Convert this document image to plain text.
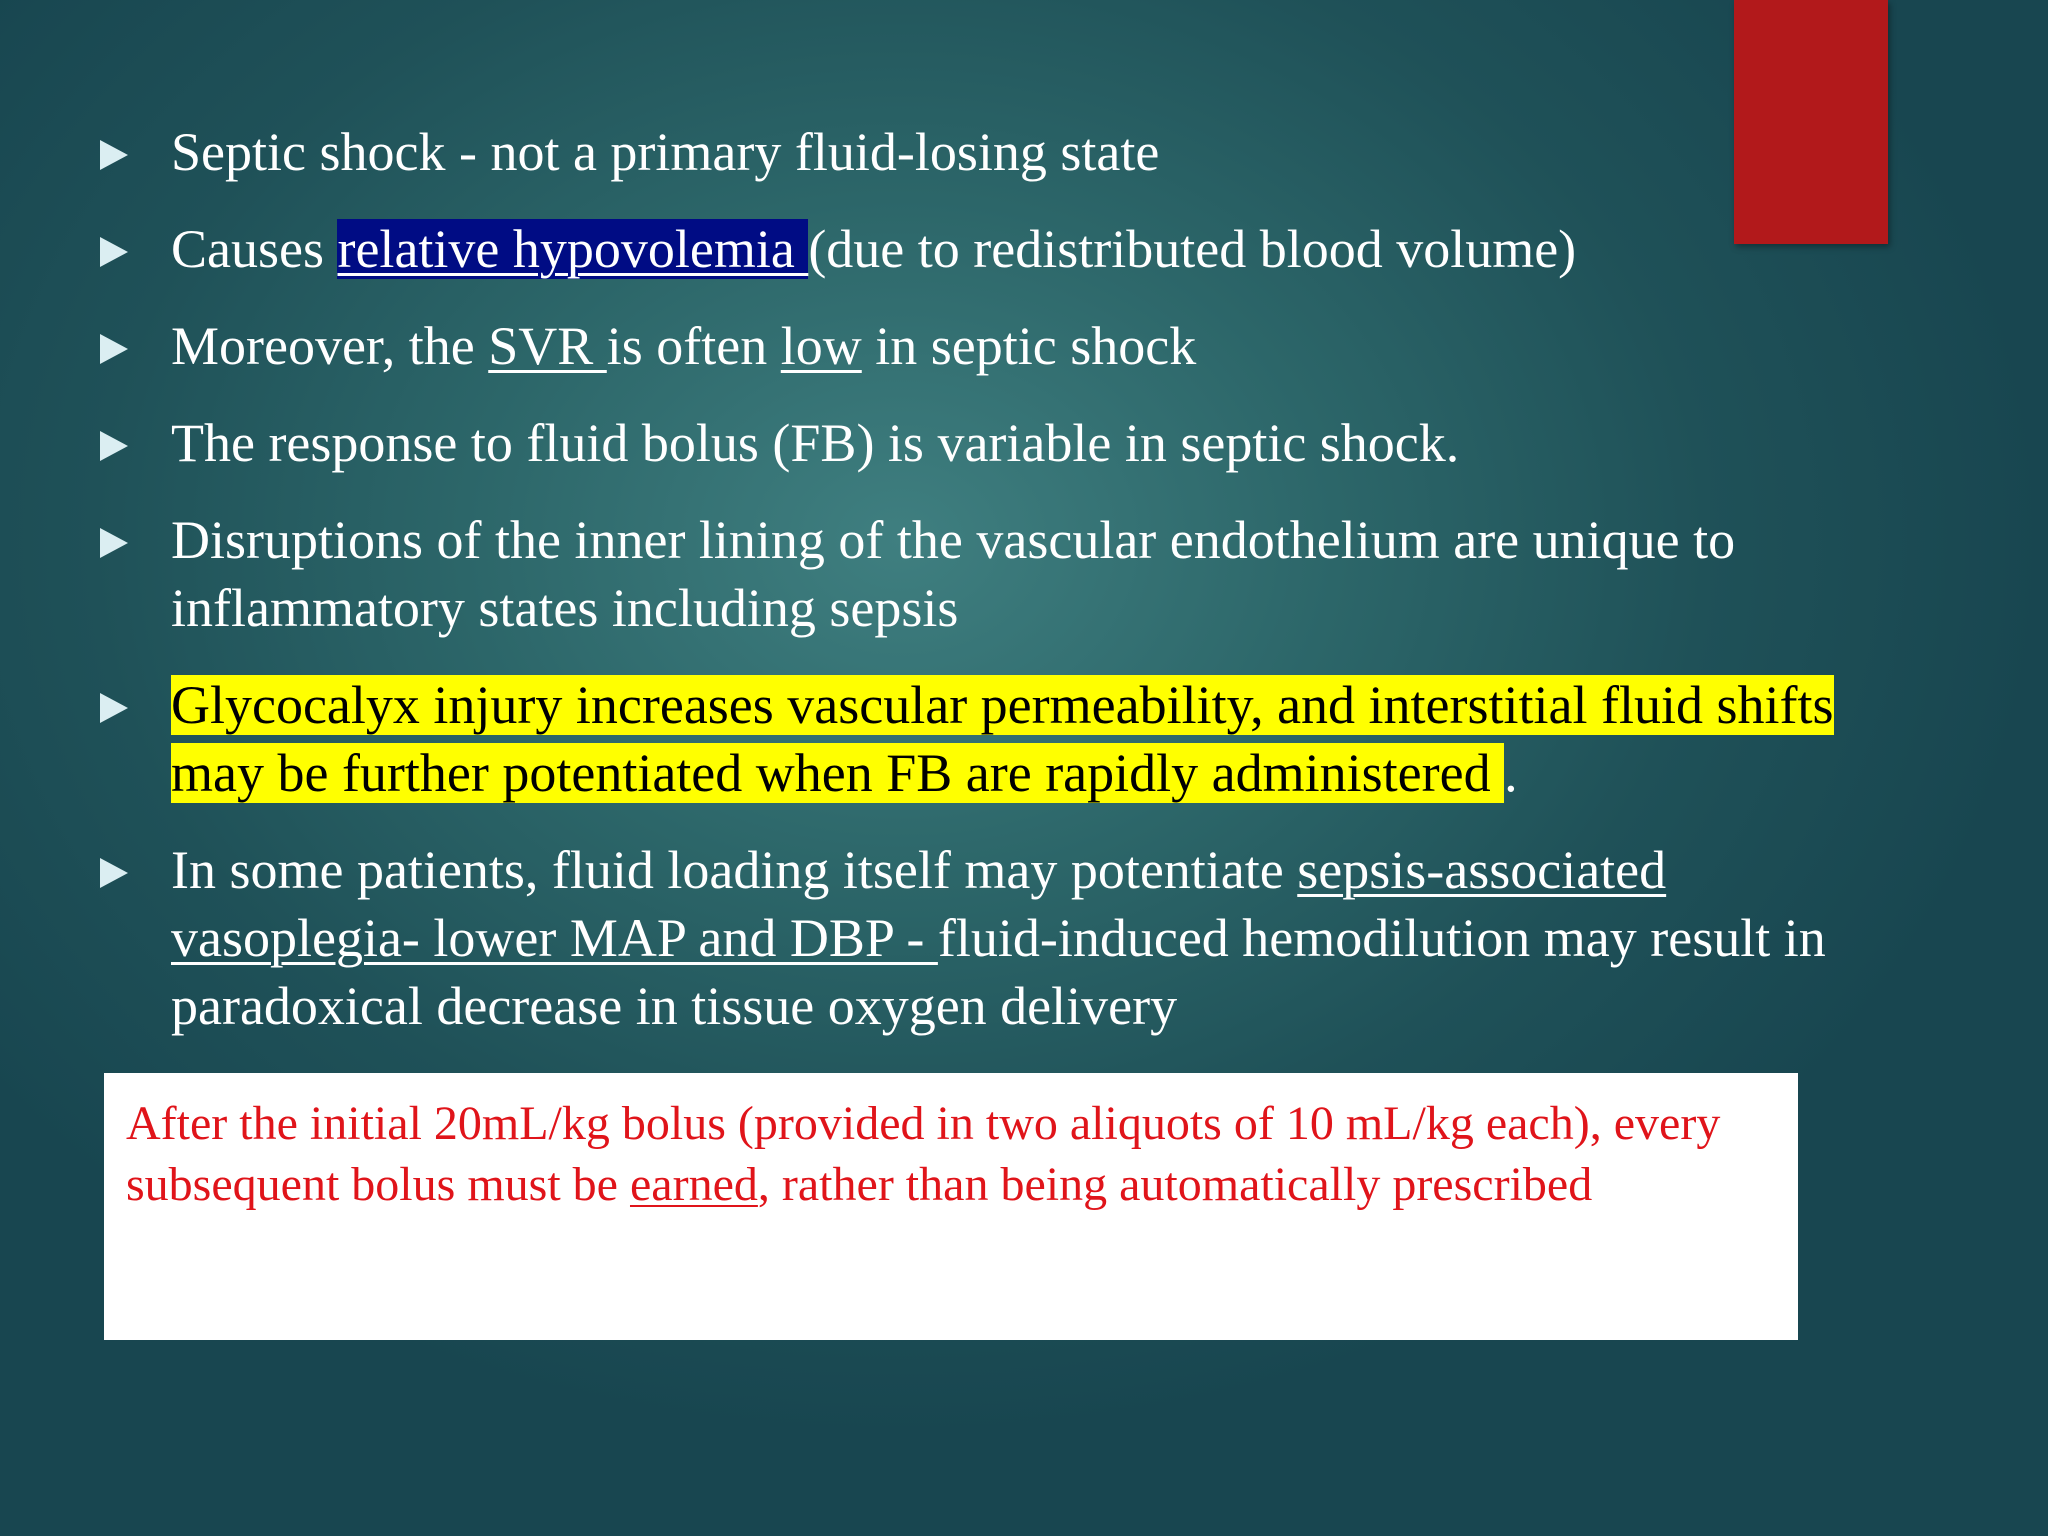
Septic shock - not a primary fluid-losing state
Causes relative hypovolemia (due to redistributed blood volume)
Moreover, the SVR is often low in septic shock
The response to fluid bolus (FB) is variable in septic shock.
Disruptions of the inner lining of the vascular endothelium are unique to inflammatory states including sepsis
Glycocalyx injury increases vascular permeability, and interstitial fluid shifts may be further potentiated when FB are rapidly administered .
In some patients, fluid loading itself may potentiate sepsis-associated vasoplegia- lower MAP and DBP - fluid-induced hemodilution may result in paradoxical decrease in tissue oxygen delivery
After the initial 20mL/kg bolus (provided in two aliquots of 10 mL/kg each), every subsequent bolus must be earned, rather than being automatically prescribed
